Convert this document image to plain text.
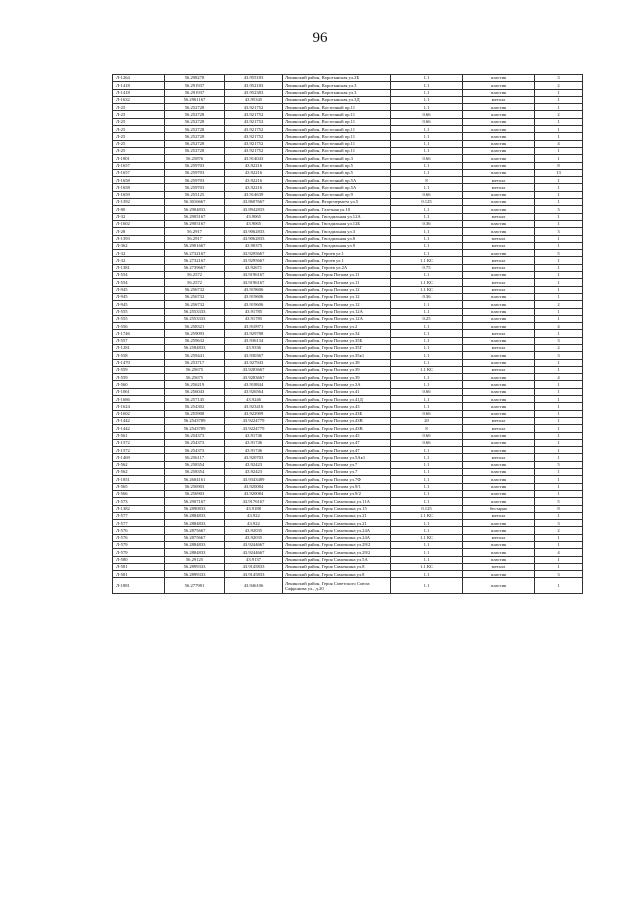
96
Л-1264	56.298278	43.955183	Ленинский район, Воротынская ул.2Б	1.1	пластик	3
Л-1418	56.291937	43.952183	Ленинский район, Воротынская ул.3	1.1	пластик	2
Л-1418	56.291937	43.952383	Ленинский район, Воротынская ул.3	1.1	пластик	1
Л-1632	56.2961167	43.95345	Ленинский район, Воротынская ул.3Д	1.1	металл	1
Л-25	56.252728	43.921752	Ленинский район, Восточный пр.11	1.1	пластик	1
Л-25	56.252728	43.921752	Ленинский район, Восточный пр.11	0.66	пластик	2
Л-25	56.252728	43.921752	Ленинский район, Восточный пр.11	0.66	пластик	1
Л-25	56.252728	43.921752	Ленинский район, Восточный пр.11	1.1	пластик	1
Л-25	56.252728	43.921752	Ленинский район, Восточный пр.11	1.1	пластик	1
Л-25	56.252728	43.921752	Ленинский район, Восточный пр.11	1.1	пластик	4
Л-25	56.252728	43.921752	Ленинский район, Восточный пр.11	1.1	пластик	1
Л-1801	56.25876	43.914043	Ленинский район, Восточный пр.3	0.66	пластик	1
Л-1657	56.259703	43.92216	Ленинский район, Восточный пр.5	1.1	пластик	8
Л-1657	56.259703	43.92216	Ленинский район, Восточный пр.5	1.1	пластик	13
Л-1658	56.259703	43.92216	Ленинский район, Восточный пр.5А	8	металл	1
Л-1658	56.259703	43.92216	Ленинский район, Восточный пр.5А	1.1	металл	1
Л-1659	56.255125	43.914639	Ленинский район, Восточный пр.9	0.66	пластик	1
Л-1392	56.3016667	43.8607667	Ленинский район, Второчермета ул.5	0.125	пластик	1
Л-80	56.2904833	43.8942833	Ленинский район, Газетная ул.10	1.1	пластик	3
Л-32	56.2905167	43.9065	Ленинский район, Гвоздильная ул.12А	1.1	металл	1
Л-1602	56.2905167	43.9065	Ленинский район, Гвоздильная ул.12Б	0.36	пластик	1
Л-28	56.2917	43.9062833	Ленинский район, Гвоздильная ул.3	1.1	пластик	3
Л-1393	56.2917	43.9062833	Ленинский район, Гвоздильная ул.8	1.1	металл	1
Л-362	56.2901667	43.90375	Ленинский район, Гвоздильная ул.9	1.1	металл	1
Л-32	56.2732167	43.9295667	Ленинский район, Героев ул.1	1.1	пластик	5
Л-32	56.2732167	43.9295667	Ленинский район, Героев ул.1	1.1 КС	металл	1
Л-1381	56.2739667	43.92671	Ленинский район, Героев ул.2А	0.75	металл	1
Л-554	56.2572	43.9196167	Ленинский район, Героя Попова ул.11	1.1	пластик	1
Л-554	56.2572	43.9196167	Ленинский район, Героя Попова ул.11	1.1 КС	металл	1
Л-945	56.256732	43.919606	Ленинский район, Героя Попова ул.12	1.1 КС	металл	1
Л-945	56.256732	43.919606	Ленинский район, Героя Попова ул.12	0.36	пластик	1
Л-945	56.256732	43.919606	Ленинский район, Героя Попова ул.12	1.1	пластик	2
Л-555	56.2553333	43.91785	Ленинский район, Героя Попова ул.12А	1.1	пластик	1
Л-555	56.2553333	43.91785	Ленинский район, Героя Попова ул.12А	0.25	пластик	1
Л-556	56.258321	43.910971	Ленинский район, Героя Попова ул.2	1.1	пластик	4
Л-1746	56.259093	43.929788	Ленинский район, Героя Попова ул.34	1.1	металл	1
Л-557	56.259632	43.936134	Ленинский район, Героя Попова ул.35Б	1.1	пластик	3
Л-1281	56.2584833	43.9336	Ленинский район, Героя Попова ул.35Г	1.1	металл	2
Л-558	56.259441	43.930367	Ленинский район, Героя Попова ул.35к1	1.1	пластик	3
Л-1470	56.253717	43.927943	Ленинский район, Героя Попова ул.38	1.1	пластик	1
Л-559	56.25675	43.9283667	Ленинский район, Героя Попова ул.39	1.1 КС	металл	1
Л-559	56.25675	43.9283667	Ленинский район, Героя Попова ул.39	1.1	пластик	4
Л-560	56.256219	43.918844	Ленинский район, Героя Попова ул.3А	1.1	пластик	1
Л-1061	56.256043	43.926564	Ленинский район, Героя Попова ул.41	0.66	пластик	1
Л-1686	56.257145	43.9246	Ленинский район, Героя Попова ул.41Д	1.1	пластик	1
Л-1624	56.254302	43.923416	Ленинский район, Героя Попова ул.43	1.1	пластик	1
Л-1602	56.255908	43.922909	Ленинский район, Героя Попова ул.43Б	0.66	пластик	1
Л-1442	56.2543789	43.9224779	Ленинский район, Героя Попова ул.43В	20	металл	1
Л-1442	56.2543789	43.9224779	Ленинский район, Героя Попова ул.43В	8	металл	1
Л-561	56.254373	43.91746	Ленинский район, Героя Попова ул.45	0.66	пластик	1
Л-1572	56.254373	43.91746	Ленинский район, Героя Попова ул.47	0.66	пластик	1
Л-1572	56.254373	43.91746	Ленинский район, Героя Попова ул.47	1.1	пластик	1
Л-1469	56.256117	43.920703	Ленинский район, Героя Попова ул.5Ак1	1.1	металл	1
Л-562	56.258354	43.92423	Ленинский район, Героя Попова ул.7	1.1	пластик	5
Л-562	56.258354	43.92423	Ленинский район, Героя Попова ул.7	1.1	пластик	1
Л-1851	56.2604161	43.9343489	Ленинский район, Героя Попова ул.7Ф	1.1	пластик	1
Л-565	56.256903	43.920084	Ленинский район, Героя Попова ул.9/1	1.1	пластик	1
Л-566	56.256903	43.920084	Ленинский район, Героя Попова ул.9/2	1.1	пластик	1
Л-573	56.2907167	43.9176167	Ленинский район, Героя Самочкина ул.11А	1.1	пластик	5
Л-1382	56.2890833	43.9188	Ленинский район, Героя Самочкина ул.15	0.125	бестарно	8
Л-577	56.2884833	43.922	Ленинский район, Героя Самочкина ул.21	1.1 КС	металл	1
Л-577	56.2884833	43.922	Ленинский район, Героя Самочкина ул.21	1.1	пластик	3
Л-576	56.2875667	43.92035	Ленинский район, Героя Самочкина ул.24А	1.1	пластик	2
Л-576	56.2875667	43.92035	Ленинский район, Героя Самочкина ул.24А	1.1 КС	металл	1
Л-579	56.2884833	43.9244667	Ленинский район, Героя Самочкина ул.29/2	1.1	пластик	1
Л-579	56.2884833	43.9244667	Ленинский район, Героя Самочкина ул.29/2	1.1	пластик	4
Л-580	56.29125	43.9137	Ленинский район, Героя Самочкина ул.5А	1.1	пластик	1
Л-581	56.2899333	43.9145833	Ленинский район, Героя Самочкина ул.8	1.1 КС	металл	1
Л-581	56.2899333	43.9145833	Ленинский район, Героя Самочкина ул.8	1.1	пластик	3
Л-1881	56.277981	43.946106	Ленинский район, Героя Советского Союза Сафронова ул., д.20	1.1	пластик	1
